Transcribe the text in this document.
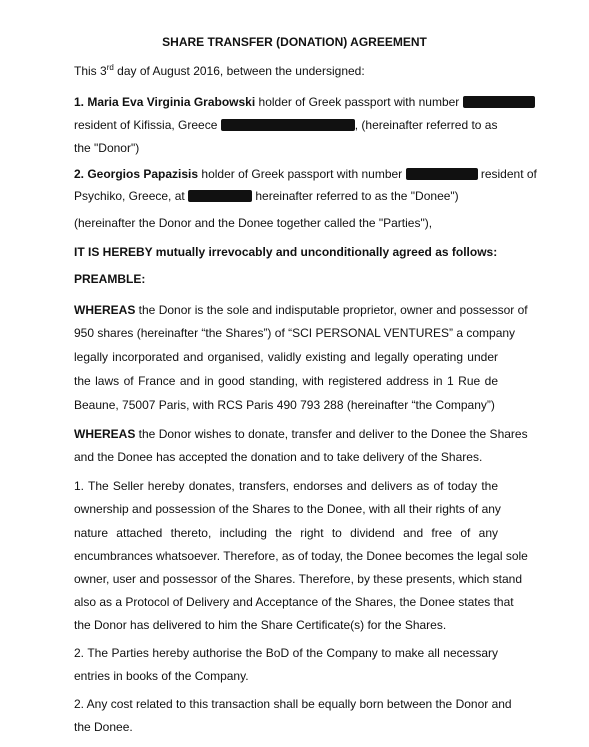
SHARE TRANSFER (DONATION) AGREEMENT
This 3rd day of August 2016, between the undersigned:
1. Maria Eva Virginia Grabowski holder of Greek passport with number
resident of Kifissia, Greece	, (hereinafter referred to as
the "Donor")
2. Georgios Papazisis holder of Greek passport with number	resident of
Psychiko, Greece, at	hereinafter referred to as the "Donee")
(hereinafter the Donor and the Donee together called the "Parties"),
IT IS HEREBY mutually irrevocably and unconditionally agreed as follows:
PREAMBLE:
WHEREAS the Donor is the sole and indisputable proprietor, owner and possessor of
950 shares (hereinafter “the Shares”) of “SCI PERSONAL VENTURES” a company
legally incorporated and organised, validly existing and legally operating under
the laws of France and in good standing, with registered address in 1 Rue de
Beaune, 75007 Paris, with RCS Paris 490 793 288 (hereinafter “the Company”)
WHEREAS the Donor wishes to donate, transfer and deliver to the Donee the Shares
and the Donee has accepted the donation and to take delivery of the Shares.
1. The Seller hereby donates, transfers, endorses and delivers as of today the
ownership and possession of the Shares to the Donee, with all their rights of any
nature attached thereto, including the right to dividend and free of any
encumbrances whatsoever. Therefore, as of today, the Donee becomes the legal sole
owner, user and possessor of the Shares. Therefore, by these presents, which stand
also as a Protocol of Delivery and Acceptance of the Shares, the Donee states that
the Donor has delivered to him the Share Certificate(s) for the Shares.
2. The Parties hereby authorise the BoD of the Company to make all necessary
entries in books of the Company.
2. Any cost related to this transaction shall be equally born between the Donor and
the Donee.
